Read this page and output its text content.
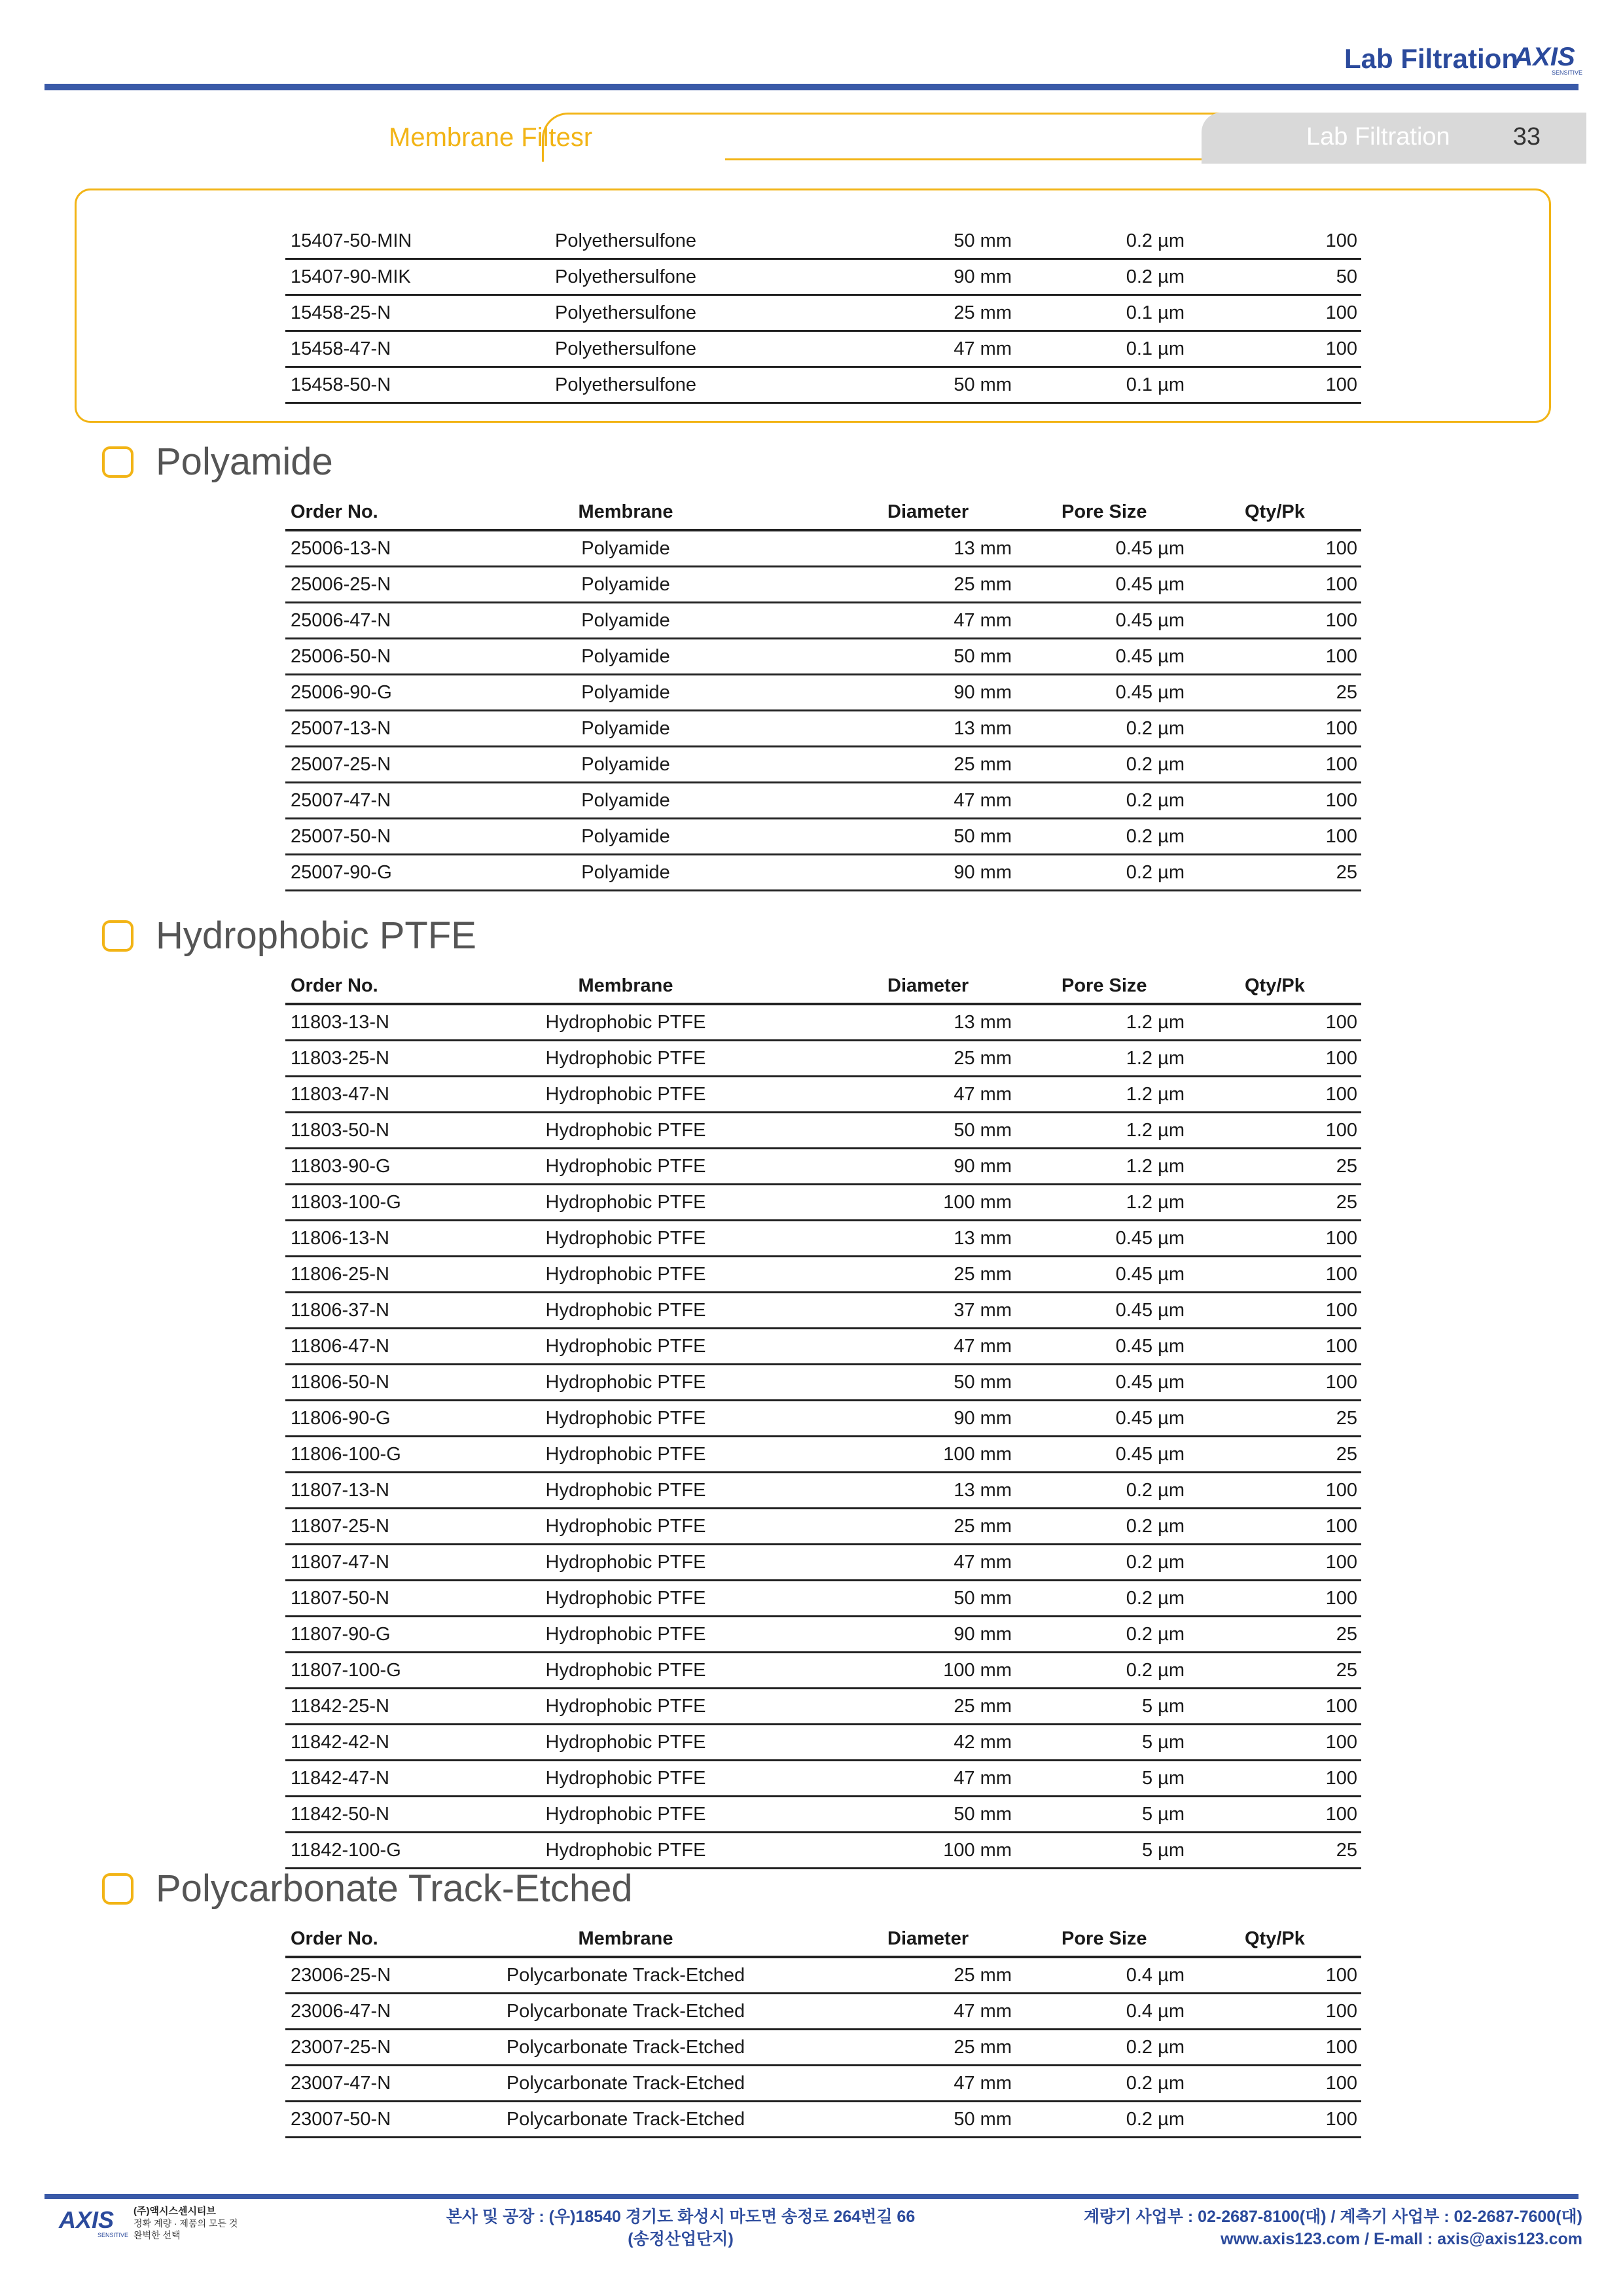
Lab Filtration
AXIS
SENSITIVE
Membrane Filtesr	Lab Filtration	33
15407-50-MIN	Polyethersulfone	50 mm	0.2 µm	100
15407-90-MIK	Polyethersulfone	90 mm	0.2 µm	50
15458-25-N	Polyethersulfone	25 mm	0.1 µm	100
15458-47-N	Polyethersulfone	47 mm	0.1 µm	100
15458-50-N	Polyethersulfone	50 mm	0.1 µm	100
Polyamide
Order No.	Membrane	Diameter	Pore Size	Qty/Pk
25006-13-N	Polyamide	13 mm	0.45 µm	100
25006-25-N	Polyamide	25 mm	0.45 µm	100
25006-47-N	Polyamide	47 mm	0.45 µm	100
25006-50-N	Polyamide	50 mm	0.45 µm	100
25006-90-G	Polyamide	90 mm	0.45 µm	25
25007-13-N	Polyamide	13 mm	0.2 µm	100
25007-25-N	Polyamide	25 mm	0.2 µm	100
25007-47-N	Polyamide	47 mm	0.2 µm	100
25007-50-N	Polyamide	50 mm	0.2 µm	100
25007-90-G	Polyamide	90 mm	0.2 µm	25
Hydrophobic PTFE
Order No.	Membrane	Diameter	Pore Size	Qty/Pk
11803-13-N	Hydrophobic PTFE	13 mm	1.2 µm	100
11803-25-N	Hydrophobic PTFE	25 mm	1.2 µm	100
11803-47-N	Hydrophobic PTFE	47 mm	1.2 µm	100
11803-50-N	Hydrophobic PTFE	50 mm	1.2 µm	100
11803-90-G	Hydrophobic PTFE	90 mm	1.2 µm	25
11803-100-G	Hydrophobic PTFE	100 mm	1.2 µm	25
11806-13-N	Hydrophobic PTFE	13 mm	0.45 µm	100
11806-25-N	Hydrophobic PTFE	25 mm	0.45 µm	100
11806-37-N	Hydrophobic PTFE	37 mm	0.45 µm	100
11806-47-N	Hydrophobic PTFE	47 mm	0.45 µm	100
11806-50-N	Hydrophobic PTFE	50 mm	0.45 µm	100
11806-90-G	Hydrophobic PTFE	90 mm	0.45 µm	25
11806-100-G	Hydrophobic PTFE	100 mm	0.45 µm	25
11807-13-N	Hydrophobic PTFE	13 mm	0.2 µm	100
11807-25-N	Hydrophobic PTFE	25 mm	0.2 µm	100
11807-47-N	Hydrophobic PTFE	47 mm	0.2 µm	100
11807-50-N	Hydrophobic PTFE	50 mm	0.2 µm	100
11807-90-G	Hydrophobic PTFE	90 mm	0.2 µm	25
11807-100-G	Hydrophobic PTFE	100 mm	0.2 µm	25
11842-25-N	Hydrophobic PTFE	25 mm	5 µm	100
11842-42-N	Hydrophobic PTFE	42 mm	5 µm	100
11842-47-N	Hydrophobic PTFE	47 mm	5 µm	100
11842-50-N	Hydrophobic PTFE	50 mm	5 µm	100
11842-100-G	Hydrophobic PTFE	100 mm	5 µm	25
Polycarbonate Track-Etched
Order No.	Membrane	Diameter	Pore Size	Qty/Pk
23006-25-N	Polycarbonate Track-Etched	25 mm	0.4 µm	100
23006-47-N	Polycarbonate Track-Etched	47 mm	0.4 µm	100
23007-25-N	Polycarbonate Track-Etched	25 mm	0.2 µm	100
23007-47-N	Polycarbonate Track-Etched	47 mm	0.2 µm	100
23007-50-N	Polycarbonate Track-Etched	50 mm	0.2 µm	100
AXIS
SENSITIVE
(주)액시스센시티브
정확 계량 · 제품의 모든 것
완벽한 선택
본사 및 공장 : (우)18540 경기도 화성시 마도면 송정로 264번길 66
(송정산업단지)
계량기 사업부 : 02-2687-8100(대) / 계측기 사업부 : 02-2687-7600(대)
www.axis123.com / E-mall : axis@axis123.com
